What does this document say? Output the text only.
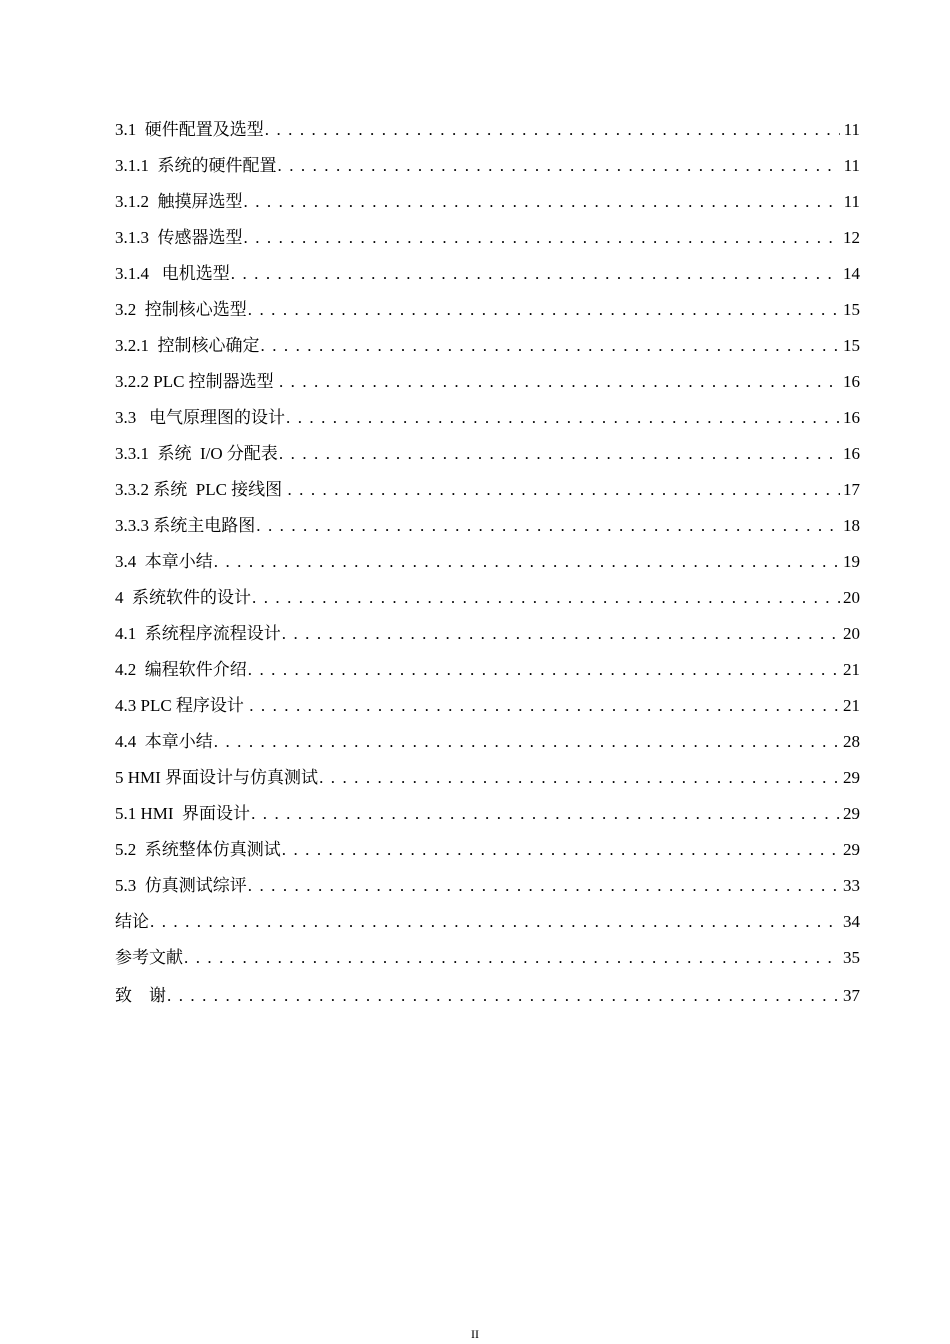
3.1  硬件配置及选型 . . .	11
3.1.1  系统的硬件配置 . . .	11
3.1.2  触摸屏选型 . . .	11
3.1.3  传感器选型 . . .	12
3.1.4   电机选型 . . .	14
3.2  控制核心选型 . . .	15
3.2.1  控制核心确定 . . .	15
3.2.2 PLC 控制器选型 . . .	16
3.3   电气原理图的设计 . . .	16
3.3.1  系统  I/O 分配表 . . .	16
3.3.2 系统  PLC 接线图 . . .	17
3.3.3 系统主电路图 . . .	18
3.4  本章小结 . . .	19
4  系统软件的设计 . . .	20
4.1  系统程序流程设计 . . .	20
4.2  编程软件介绍 . . .	21
4.3 PLC 程序设计 . . .	21
4.4  本章小结 . . .	28
5 HMI 界面设计与仿真测试 . . .	29
5.1 HMI  界面设计 . . .	29
5.2  系统整体仿真测试 . . .	29
5.3  仿真测试综评 . . .	33
结论 . . .	34
参考文献 . . .	35
致    谢 . . .	37
II
